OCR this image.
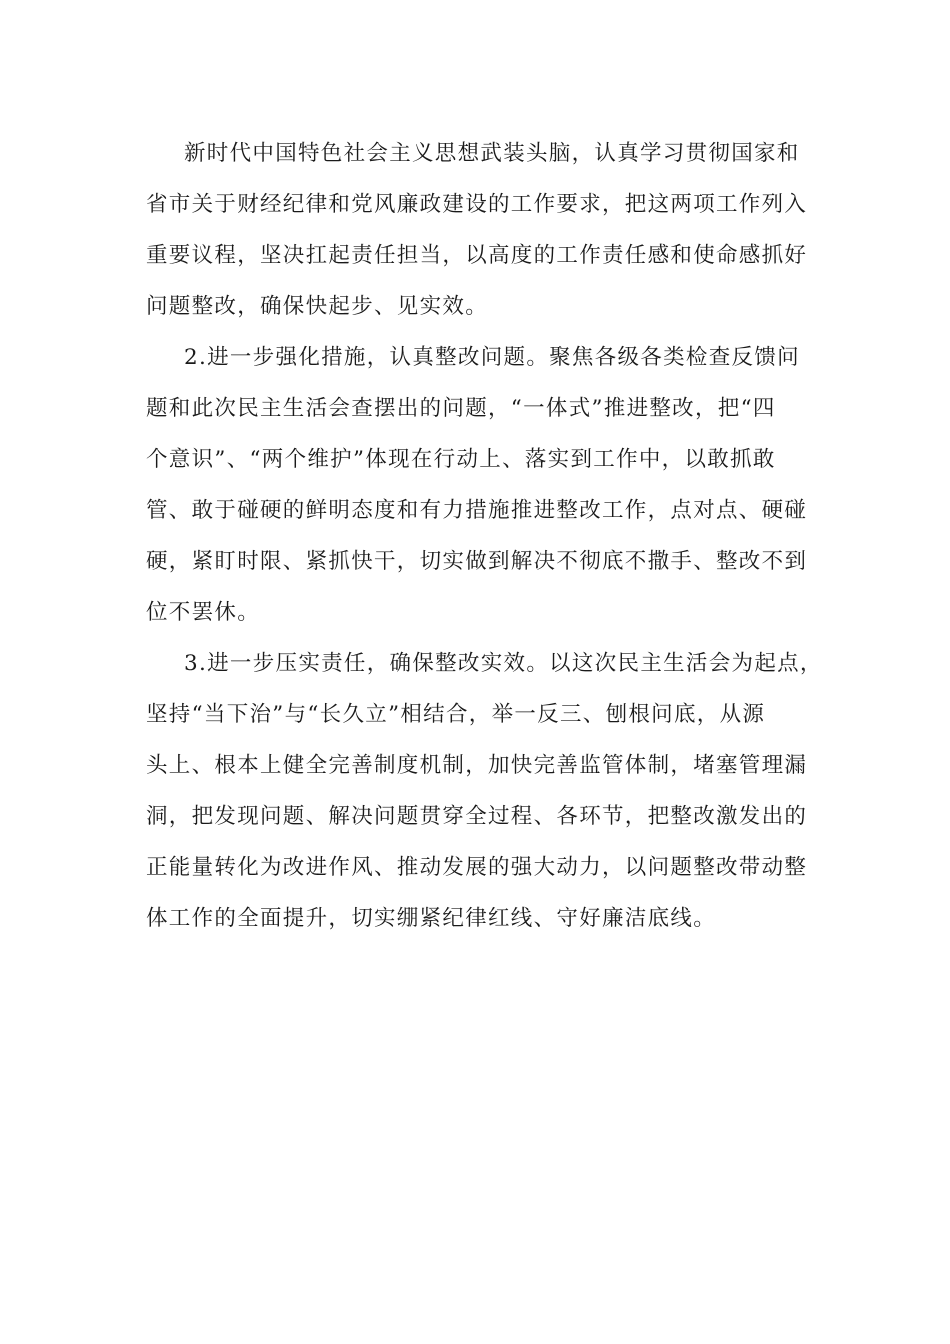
新时代中国特色社会主义思想武装头脑，认真学习贯彻国家和
省市关于财经纪律和党风廉政建设的工作要求，把这两项工作列入
重要议程，坚决扛起责任担当，以高度的工作责任感和使命感抓好
问题整改，确保快起步、见实效。
2.进一步强化措施，认真整改问题。聚焦各级各类检查反馈问
题和此次民主生活会查摆出的问题，“一体式”推进整改，把“四
个意识”、“两个维护”体现在行动上、落实到工作中，以敢抓敢
管、敢于碰硬的鲜明态度和有力措施推进整改工作，点对点、硬碰
硬，紧盯时限、紧抓快干，切实做到解决不彻底不撒手、整改不到
位不罢休。
3.进一步压实责任，确保整改实效。以这次民主生活会为起点，
坚持“当下治”与“长久立”相结合，举一反三、刨根问底，从源
头上、根本上健全完善制度机制，加快完善监管体制，堵塞管理漏
洞，把发现问题、解决问题贯穿全过程、各环节，把整改激发出的
正能量转化为改进作风、推动发展的强大动力，以问题整改带动整
体工作的全面提升，切实绷紧纪律红线、守好廉洁底线。
